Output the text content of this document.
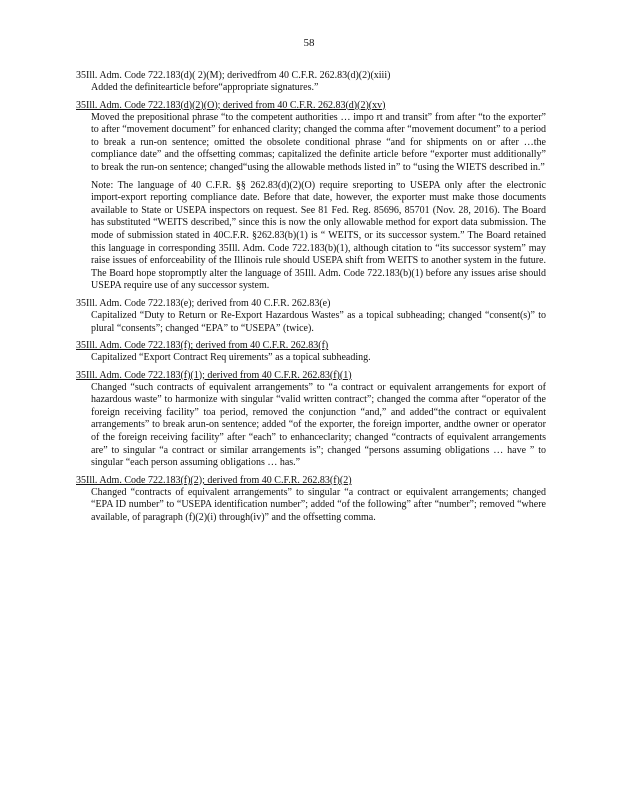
58
35Ill. Adm. Code 722.183(d)( 2)(M); derivedfrom 40 C.F.R. 262.83(d)(2)(xiii)
Added the definitearticle before“appropriate signatures.”
35Ill. Adm. Code 722.183(d)(2)(O); derived from 40 C.F.R. 262.83(d)(2)(xv)
Moved the prepositional phrase “to the competent authorities … impo rt and transit” from after “to the exporter” to after “movement document” for enhanced clarity; changed the comma after “movement document” to a period to break a run-on sentence; omitted the obsolete conditional phrase “and for shipments on or after …the compliance date” and the offsetting commas; capitalized the definite article before “exporter must additionally” to break the run-on sentence; changed“using the allowable methods listed in” to “using the WIETS described in.”
Note: The language of 40 C.F.R. §§ 262.83(d)(2)(O) require sreporting to USEPA only after the electronic import-export reporting compliance date. Before that date, however, the exporter must make those documents available to State or USEPA inspectors on request. See 81 Fed. Reg. 85696, 85701 (Nov. 28, 2016). The Board has substituted “WEITS described,” since this is now the only allowable method for export data submission. The mode of submission stated in 40C.F.R. §262.83(b)(1) is “ WEITS, or its successor system.” The Board retained this language in corresponding 35Ill. Adm. Code 722.183(b)(1), although citation to “its successor system” may raise issues of enforceability of the Illinois rule should USEPA shift from WEITS to another system in the future. The Board hope stopromptly alter the language of 35Ill. Adm. Code 722.183(b)(1) before any issues arise should USEPA require use of any successor system.
35Ill. Adm. Code 722.183(e); derived from 40 C.F.R. 262.83(e)
Capitalized “Duty to Return or Re-Export Hazardous Wastes” as a topical subheading; changed “consent(s)” to plural “consents”; changed “EPA” to “USEPA” (twice).
35Ill. Adm. Code 722.183(f); derived from 40 C.F.R. 262.83(f)
Capitalized “Export Contract Req uirements” as a topical subheading.
35Ill. Adm. Code 722.183(f)(1); derived from 40 C.F.R. 262.83(f)(1)
Changed “such contracts of equivalent arrangements” to “a contract or equivalent arrangements for export of hazardous waste” to harmonize with singular “valid written contract”; changed the comma after “operator of the foreign receiving facility” toa period, removed the conjunction “and,” and added“the contract or equivalent arrangements” to break arun-on sentence; added “of the exporter, the foreign importer, andthe owner or operator of the foreign receiving facility” after “each” to enhanceclarity; changed “contracts of equivalent arrangements are” to singular “a contract or similar arrangements is”; changed “persons assuming obligations … have ” to singular “each person assuming obligations … has.”
35Ill. Adm. Code 722.183(f)(2); derived from 40 C.F.R. 262.83(f)(2)
Changed “contracts of equivalent arrangements” to singular “a contract or equivalent arrangements; changed “EPA ID number” to “USEPA identification number”; added “of the following” after “number”; removed “where available, of paragraph (f)(2)(i) through(iv)” and the offsetting comma.
